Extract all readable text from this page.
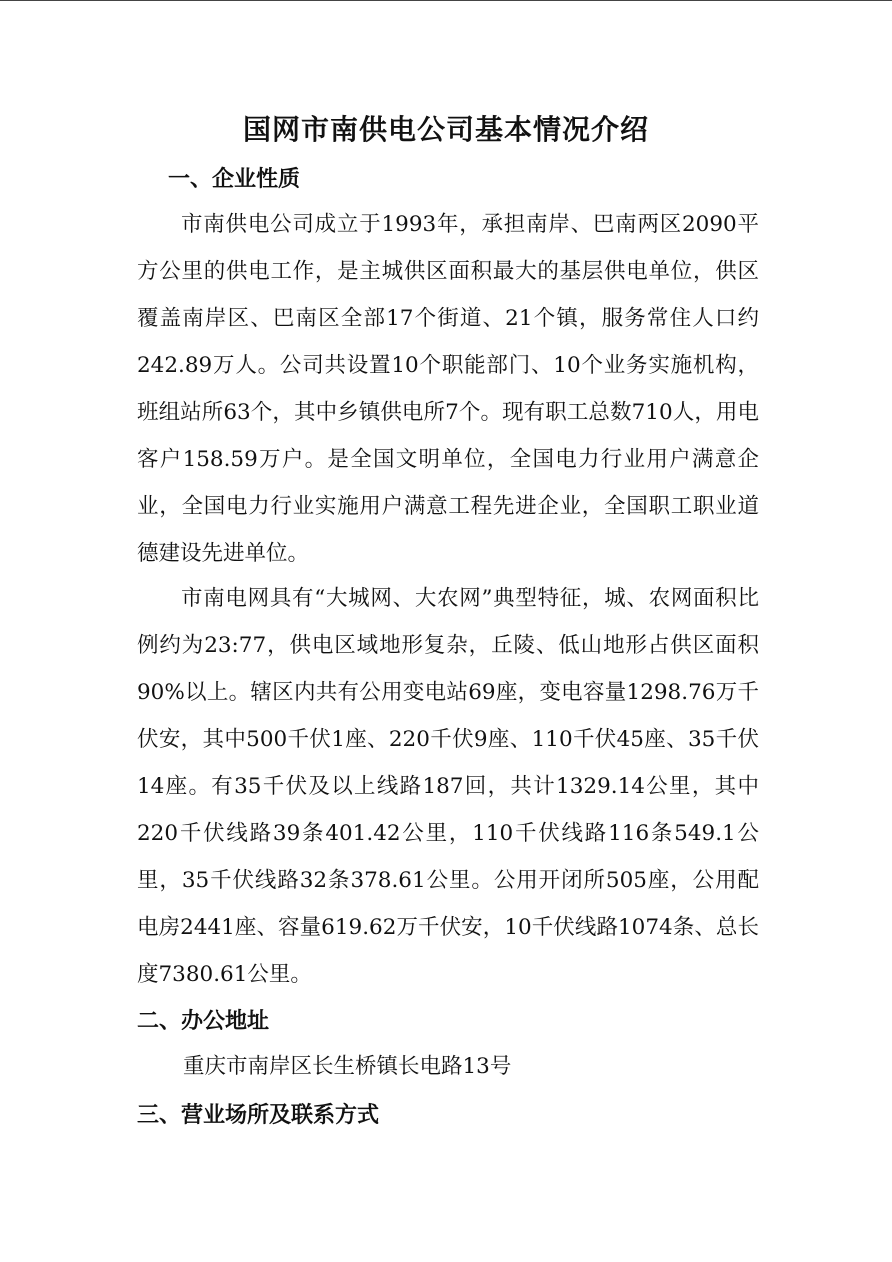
国网市南供电公司基本情况介绍
一、企业性质

市南供电公司成立于1993年，承担南岸、巴南两区2090平方公里的供电工作，是主城供区面积最大的基层供电单位，供区覆盖南岸区、巴南区全部17个街道、21个镇，服务常住人口约242.89万人。公司共设置10个职能部门、10个业务实施机构，班组站所63个，其中乡镇供电所7个。现有职工总数710人，用电客户158.59万户。是全国文明单位，全国电力行业用户满意企业，全国电力行业实施用户满意工程先进企业，全国职工职业道德建设先进单位。

市南电网具有“大城网、大农网”典型特征，城、农网面积比例约为23:77，供电区域地形复杂，丘陵、低山地形占供区面积90%以上。辖区内共有公用变电站69座，变电容量1298.76万千伏安，其中500千伏1座、220千伏9座、110千伏45座、35千伏14座。有35千伏及以上线路187回，共计1329.14公里，其中220千伏线路39条401.42公里，110千伏线路116条549.1公里，35千伏线路32条378.61公里。公用开闭所505座，公用配电房2441座、容量619.62万千伏安，10千伏线路1074条、总长度7380.61公里。

二、办公地址
重庆市南岸区长生桥镇长电路13号
三、营业场所及联系方式
